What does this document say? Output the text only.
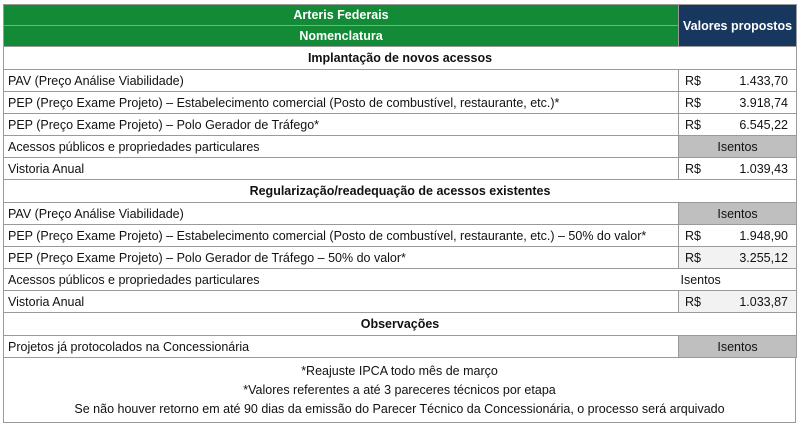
Arteris Federais	Valores propostos	
Nomenclatura		
Implantação de novos acessos		
PAV (Preço Análise Viabilidade)	R$	1.433,70
PEP (Preço Exame Projeto) – Estabelecimento comercial (Posto de combustível, restaurante, etc.)*	R$	3.918,74
PEP (Preço Exame Projeto) – Polo Gerador de Tráfego*	R$	6.545,22
Acessos públicos e propriedades particulares	Isentos	
Vistoria Anual	R$	1.039,43
Regularização/readequação de acessos existentes		
PAV (Preço Análise Viabilidade)	Isentos	
PEP (Preço Exame Projeto) – Estabelecimento comercial (Posto de combustível, restaurante, etc.) – 50% do valor*	R$	1.948,90
PEP (Preço Exame Projeto) – Polo Gerador de Tráfego – 50% do valor*	R$	3.255,12
Acessos públicos e propriedades particulares	Isentos	
Vistoria Anual	R$	1.033,87
Observações		
Projetos já protocolados na Concessionária	Isentos	
*Reajuste IPCA todo mês de março
*Valores referentes a até 3 pareceres técnicos por etapa
Se não houver retorno em até 90 dias da emissão do Parecer Técnico da Concessionária, o processo será arquivado
